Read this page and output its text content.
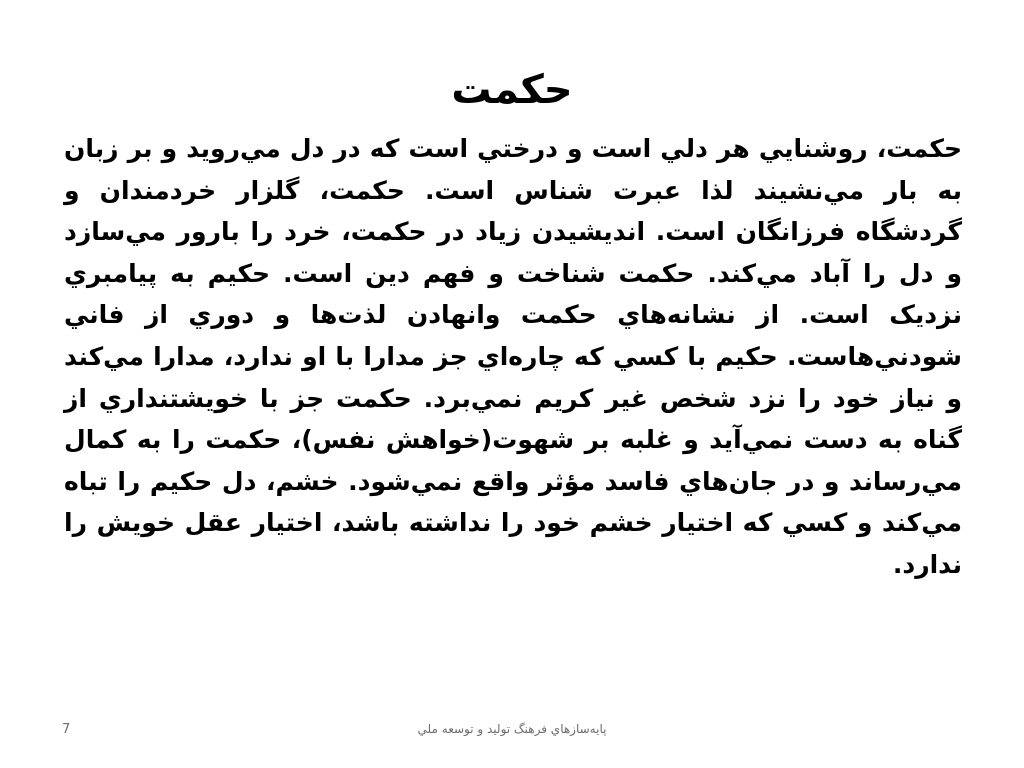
حکمت

حکمت، روشنايي هر دلي است و درختي است که در دل مي‌رويد و بر زبان به بار مي‌نشيند لذا عبرت شناس است. حکمت، گلزار خردمندان و گردشگاه فرزانگان است. انديشيدن زياد در حکمت، خرد را بارور مي‌سازد و دل را آباد مي‌کند. حکمت شناخت و فهم دين است. حکيم به پيامبري نزديک است. از نشانه‌هاي حکمت وانهادن لذت‌ها و دوري از فاني شودني‌هاست. حکيم با کسي که چاره‌اي جز مدارا با او ندارد، مدارا مي‌کند و نياز خود را نزد شخص غير کريم نمي‌برد. حکمت جز با خويشتنداري از گناه به دست نمي‌آيد و غلبه بر شهوت(خواهش نفس)، حکمت را به کمال مي‌رساند و در جان‌هاي فاسد مؤثر واقع نمي‌شود. خشم، دل حکيم را تباه مي‌کند و کسي که اختيار خشم خود را نداشته باشد، اختيار عقل خويش را ندارد.

پايه‌سازهاي فرهنگ توليد و توسعه ملي
7
